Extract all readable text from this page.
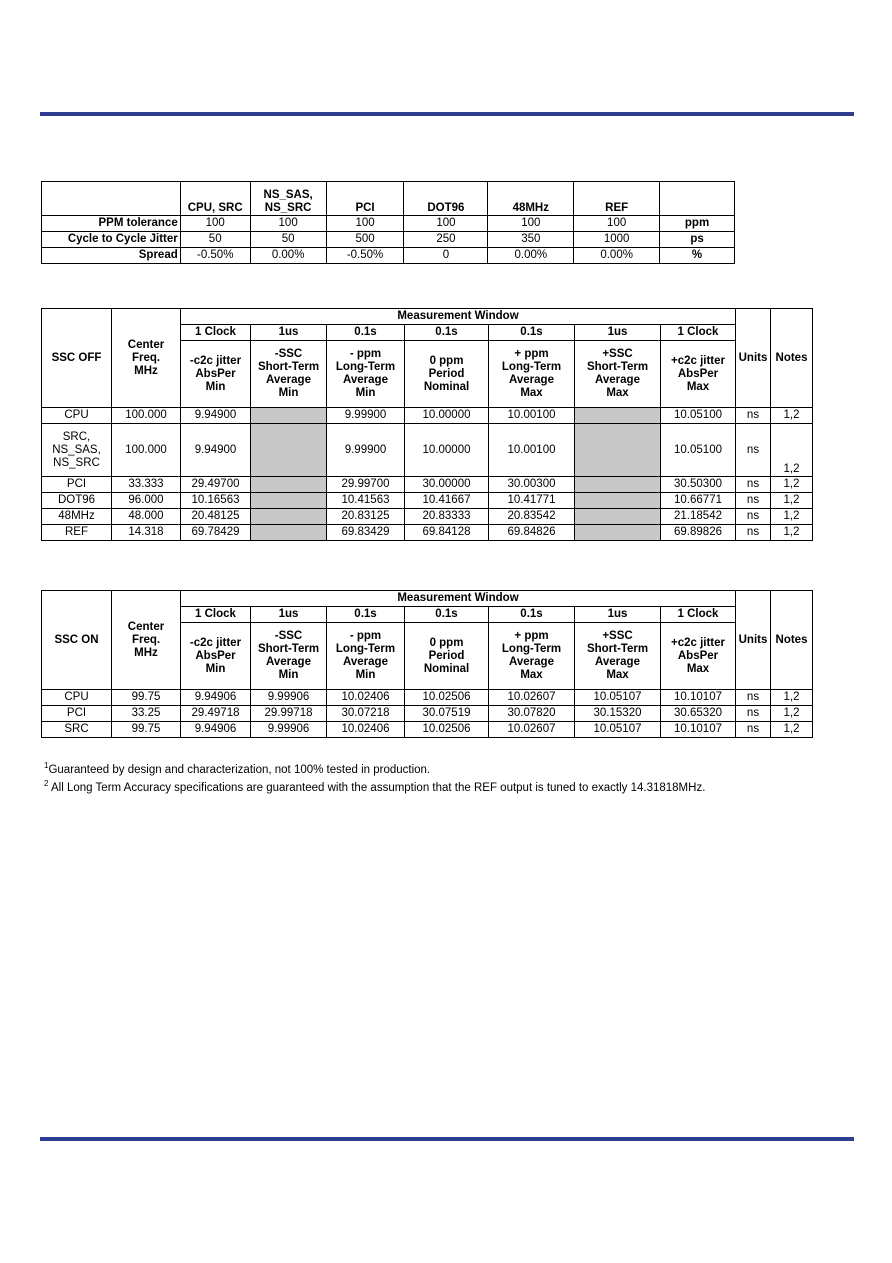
	CPU, SRC	NS_SAS,
NS_SRC	PCI	DOT96	48MHz	REF	
PPM tolerance	100	100	100	100	100	100	ppm
Cycle to Cycle Jitter	50	50	500	250	350	1000	ps
Spread	-0.50%	0.00%	-0.50%	0	0.00%	0.00%	%
SSC OFF	Center
Freq.
MHz	Measurement Window							Units	Notes
		1 Clock	1us	0.1s	0.1s	0.1s	1us	1 Clock		
		-c2c jitter
AbsPer
Min	-SSC
Short-Term
Average
Min	- ppm
Long-Term
Average
Min	0 ppm
Period
Nominal	+ ppm
Long-Term
Average
Max	+SSC
Short-Term
Average
Max	+c2c jitter
AbsPer
Max		
CPU	100.000	9.94900		9.99900	10.00000	10.00100		10.05100	ns	1,2
SRC,
NS_SAS,
NS_SRC	100.000	9.94900		9.99900	10.00000	10.00100		10.05100	ns	1,2
PCI	33.333	29.49700		29.99700	30.00000	30.00300		30.50300	ns	1,2
DOT96	96.000	10.16563		10.41563	10.41667	10.41771		10.66771	ns	1,2
48MHz	48.000	20.48125		20.83125	20.83333	20.83542		21.18542	ns	1,2
REF	14.318	69.78429		69.83429	69.84128	69.84826		69.89826	ns	1,2
SSC ON	Center
Freq.
MHz	Measurement Window							Units	Notes
		1 Clock	1us	0.1s	0.1s	0.1s	1us	1 Clock		
		-c2c jitter
AbsPer
Min	-SSC
Short-Term
Average
Min	- ppm
Long-Term
Average
Min	0 ppm
Period
Nominal	+ ppm
Long-Term
Average
Max	+SSC
Short-Term
Average
Max	+c2c jitter
AbsPer
Max		
CPU	99.75	9.94906	9.99906	10.02406	10.02506	10.02607	10.05107	10.10107	ns	1,2
PCI	33.25	29.49718	29.99718	30.07218	30.07519	30.07820	30.15320	30.65320	ns	1,2
SRC	99.75	9.94906	9.99906	10.02406	10.02506	10.02607	10.05107	10.10107	ns	1,2
$^1$Guaranteed by design and characterization, not 100% tested in production.
$^2$ All Long Term Accuracy specifications are guaranteed with the assumption that the REF output is tuned to exactly 14.31818MHz.
